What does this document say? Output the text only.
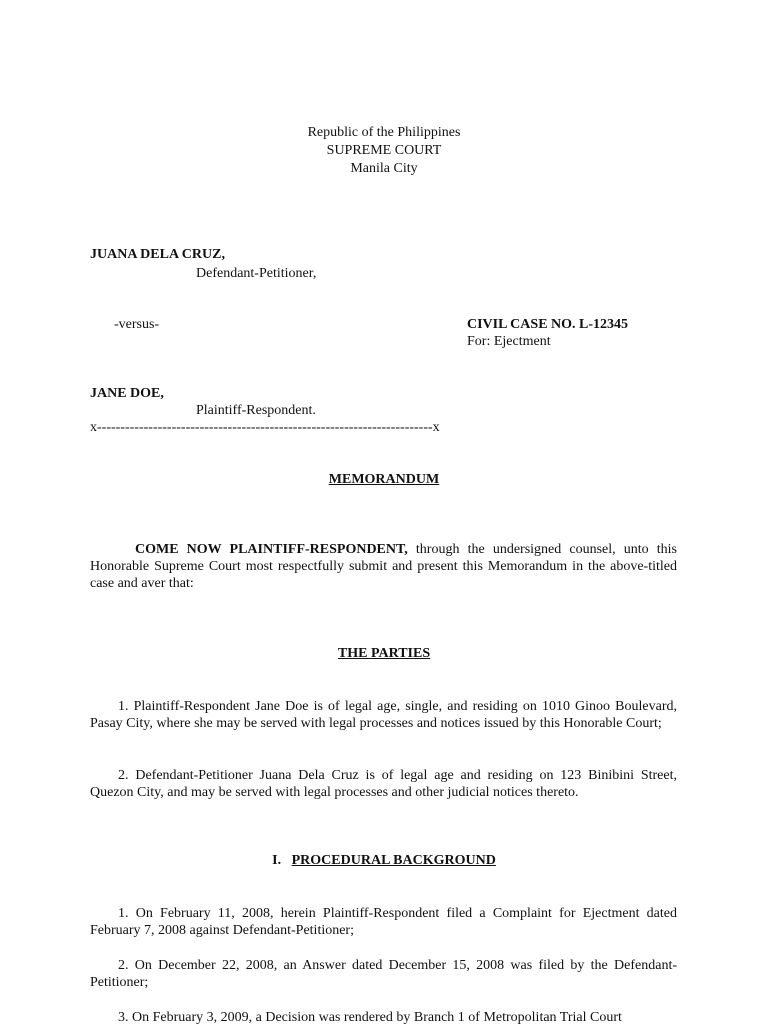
Republic of the Philippines
SUPREME COURT
Manila City
JUANA DELA CRUZ,
Defendant-Petitioner,
-versus-	CIVIL CASE NO. L-12345
For: Ejectment
JANE DOE,
Plaintiff-Respondent.
x------------------------------------------------------------------------x
MEMORANDUM
COME NOW PLAINTIFF-RESPONDENT, through the undersigned counsel, unto this Honorable Supreme Court most respectfully submit and present this Memorandum in the above-titled case and aver that:
THE PARTIES
1. Plaintiff-Respondent Jane Doe is of legal age, single, and residing on 1010 Ginoo Boulevard, Pasay City, where she may be served with legal processes and notices issued by this Honorable Court;
2. Defendant-Petitioner Juana Dela Cruz is of legal age and residing on 123 Binibini Street, Quezon City, and may be served with legal processes and other judicial notices thereto.
I. PROCEDURAL BACKGROUND
1. On February 11, 2008, herein Plaintiff-Respondent filed a Complaint for Ejectment dated February 7, 2008 against Defendant-Petitioner;
2. On December 22, 2008, an Answer dated December 15, 2008 was filed by the Defendant-Petitioner;
3. On February 3, 2009, a Decision was rendered by Branch 1 of Metropolitan Trial Court
